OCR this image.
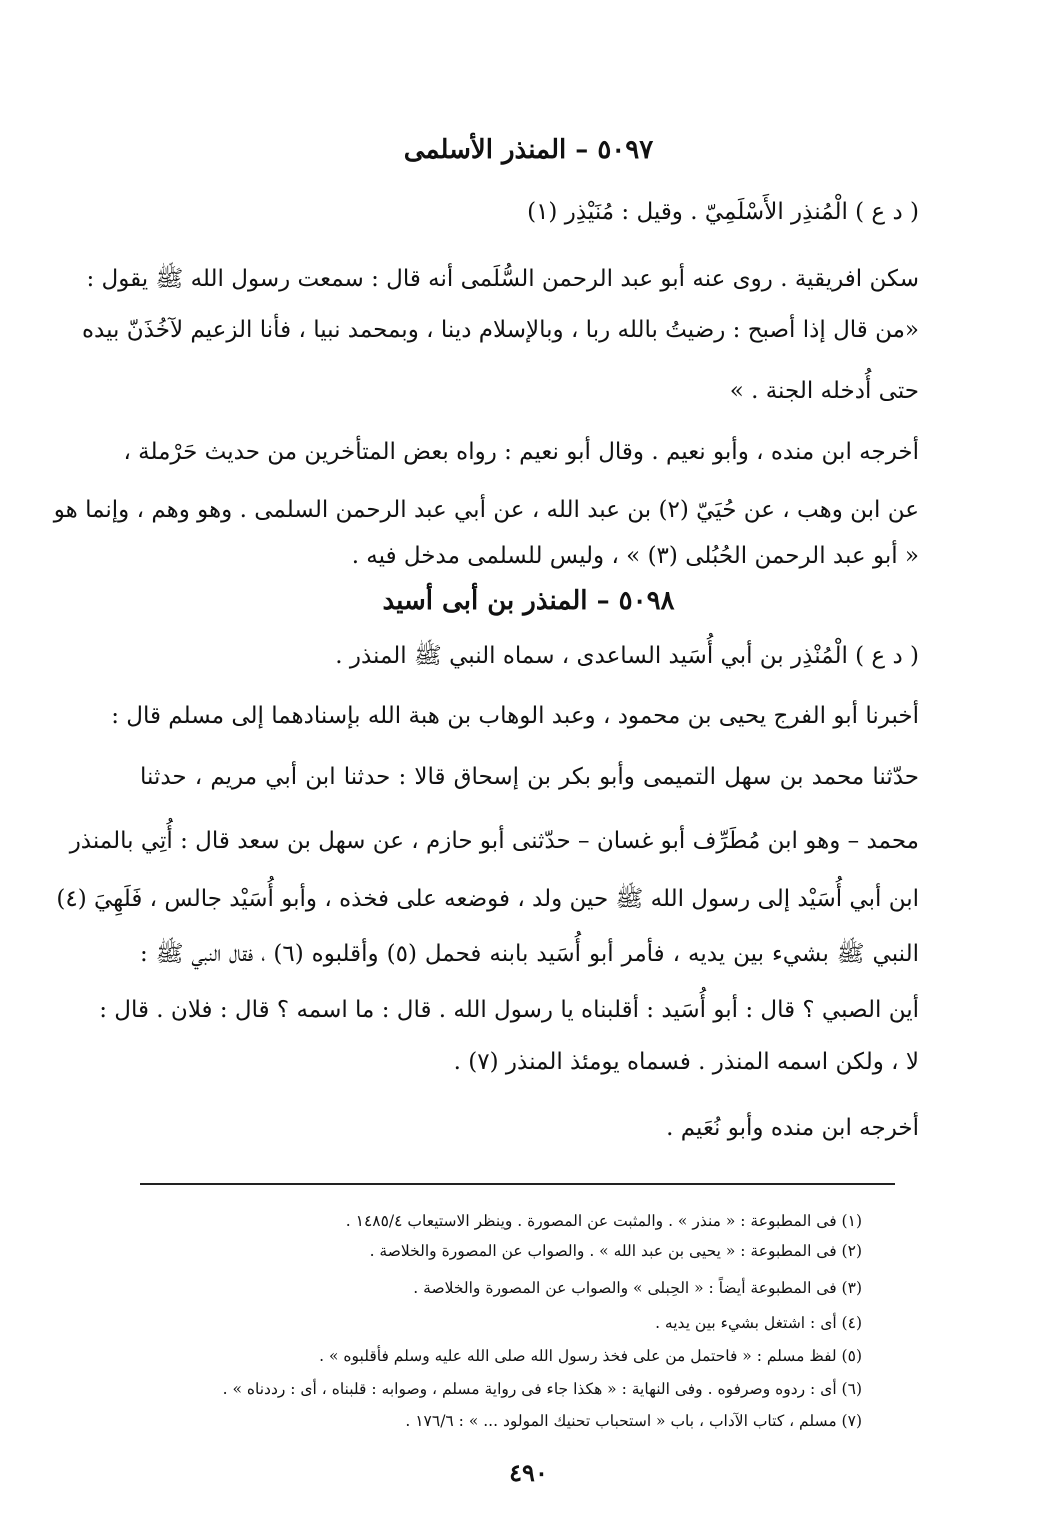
٥٠٩٧ – المنذر الأسلمى
( د ع ) الْمُنذِر الأَسْلَمِيّ . وقيل : مُنَيْذِر (١)
سكن افريقية . روى عنه أبو عبد الرحمن السُّلَمى أنه قال : سمعت رسول الله ﷺ يقول :
«من قال إذا أصبح : رضيتُ بالله ربا ، وبالإسلام دينا ، وبمحمد نبيا ، فأنا الزعيم لآخُذَنّ بيده
حتى أُدخله الجنة . »
أخرجه ابن منده ، وأبو نعيم . وقال أبو نعيم : رواه بعض المتأخرين من حديث حَرْملة ،
عن ابن وهب ، عن حُيَيّ (٢) بن عبد الله ، عن أبي عبد الرحمن السلمى . وهو وهم ، وإنما هو
« أبو عبد الرحمن الحُبُلى (٣) » ، وليس للسلمى مدخل فيه .
٥٠٩٨ – المنذر بن أبى أسيد
( د ع ) الْمُنْذِر بن أبي أُسَيد الساعدى ، سماه النبي ﷺ المنذر .
أخبرنا أبو الفرج يحيى بن محمود ، وعبد الوهاب بن هبة الله بإسنادهما إلى مسلم قال :
حدّثنا محمد بن سهل التميمى وأبو بكر بن إسحاق قالا : حدثنا ابن أبي مريم ، حدثنا
محمد – وهو ابن مُطَرِّف أبو غسان – حدّثنى أبو حازم ، عن سهل بن سعد قال : أُتِي بالمنذر
ابن أبي أُسَيْد إلى رسول الله ﷺ حين ولد ، فوضعه على فخذه ، وأبو أُسَيْد جالس ، فَلَهِيَ (٤)
النبي ﷺ بشيء بين يديه ، فأمر أبو أُسَيد بابنه فحمل (٥) وأقلبوه (٦) ، فقال النبي ﷺ :
أين الصبي ؟ قال : أبو أُسَيد : أقلبناه يا رسول الله . قال : ما اسمه ؟ قال : فلان . قال :
لا ، ولكن اسمه المنذر . فسماه يومئذ المنذر (٧) .
أخرجه ابن منده وأبو نُعَيم .
(١) فى المطبوعة : « منذر » . والمثبت عن المصورة . وينظر الاستيعاب ١٤٨٥/٤ .
(٢) فى المطبوعة : « يحيى بن عبد الله » . والصواب عن المصورة والخلاصة .
(٣) فى المطبوعة أيضاً : « الحِبلى » والصواب عن المصورة والخلاصة .
(٤) أى : اشتغل بشيء بين يديه .
(٥) لفظ مسلم : « فاحتمل من على فخذ رسول الله صلى الله عليه وسلم فأقلبوه » .
(٦) أى : ردوه وصرفوه . وفى النهاية : « هكذا جاء فى رواية مسلم ، وصوابه : قلبناه ، أى : رددناه » .
(٧) مسلم ، كتاب الآداب ، باب « استحباب تحنيك المولود ... » : ١٧٦/٦ .
٤٩٠
